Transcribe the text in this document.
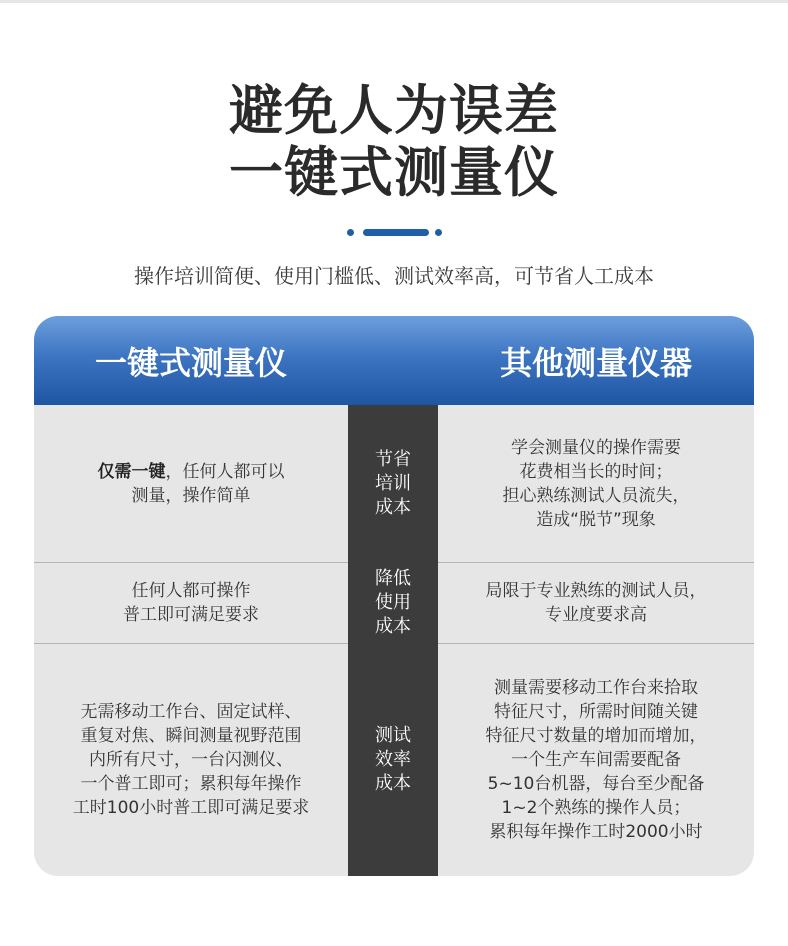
避免人为误差
一键式测量仪
操作培训简便、使用门槛低、测试效率高，可节省人工成本
一键式测量仪	其他测量仪器
仅需一键，任何人都可以
测量，操作简单
节省
培训
成本
学会测量仪的操作需要
花费相当长的时间；
担心熟练测试人员流失，
造成“脱节”现象
任何人都可操作
普工即可满足要求
降低
使用
成本
局限于专业熟练的测试人员，
专业度要求高
无需移动工作台、固定试样、
重复对焦、瞬间测量视野范围
内所有尺寸，一台闪测仪、
一个普工即可；累积每年操作
工时100小时普工即可满足要求
测试
效率
成本
测量需要移动工作台来拾取
特征尺寸，所需时间随关键
特征尺寸数量的增加而增加，
一个生产车间需要配备
5~10台机器，每台至少配备
1~2个熟练的操作人员；
累积每年操作工时2000小时
